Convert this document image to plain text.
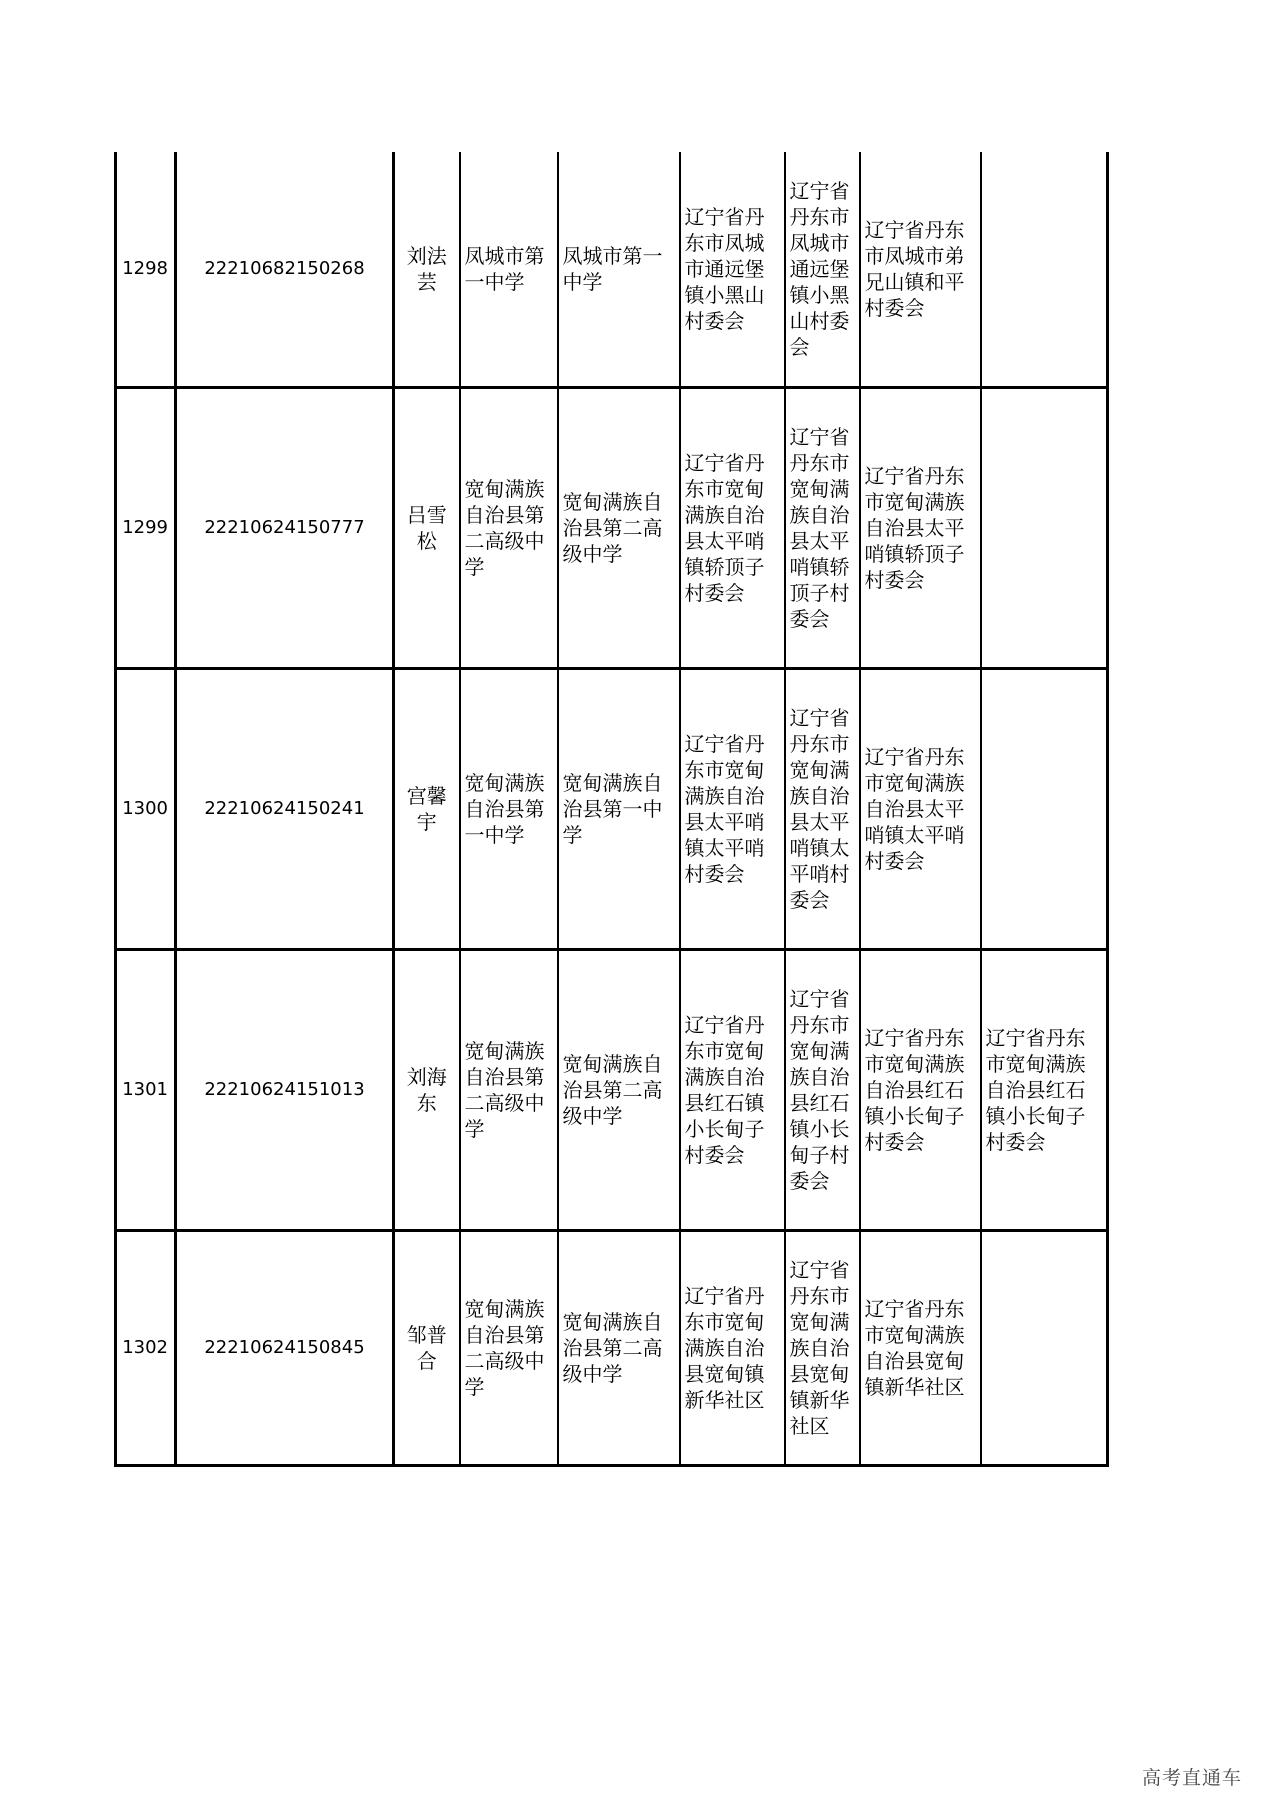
1298	22210682150268	刘法芸	凤城市第一中学	凤城市第一中学	辽宁省丹东市凤城市通远堡镇小黑山村委会	辽宁省丹东市凤城市通远堡镇小黑山村委会	辽宁省丹东市凤城市弟兄山镇和平村委会	
1299	22210624150777	吕雪松	宽甸满族自治县第二高级中学	宽甸满族自治县第二高级中学	辽宁省丹东市宽甸满族自治县太平哨镇轿顶子村委会	辽宁省丹东市宽甸满族自治县太平哨镇轿顶子村委会	辽宁省丹东市宽甸满族自治县太平哨镇轿顶子村委会	
1300	22210624150241	宫馨宇	宽甸满族自治县第一中学	宽甸满族自治县第一中学	辽宁省丹东市宽甸满族自治县太平哨镇太平哨村委会	辽宁省丹东市宽甸满族自治县太平哨镇太平哨村委会	辽宁省丹东市宽甸满族自治县太平哨镇太平哨村委会	
1301	22210624151013	刘海东	宽甸满族自治县第二高级中学	宽甸满族自治县第二高级中学	辽宁省丹东市宽甸满族自治县红石镇小长甸子村委会	辽宁省丹东市宽甸满族自治县红石镇小长甸子村委会	辽宁省丹东市宽甸满族自治县红石镇小长甸子村委会	辽宁省丹东市宽甸满族自治县红石镇小长甸子村委会
1302	22210624150845	邹普合	宽甸满族自治县第二高级中学	宽甸满族自治县第二高级中学	辽宁省丹东市宽甸满族自治县宽甸镇新华社区	辽宁省丹东市宽甸满族自治县宽甸镇新华社区	辽宁省丹东市宽甸满族自治县宽甸镇新华社区	
高考直通车
